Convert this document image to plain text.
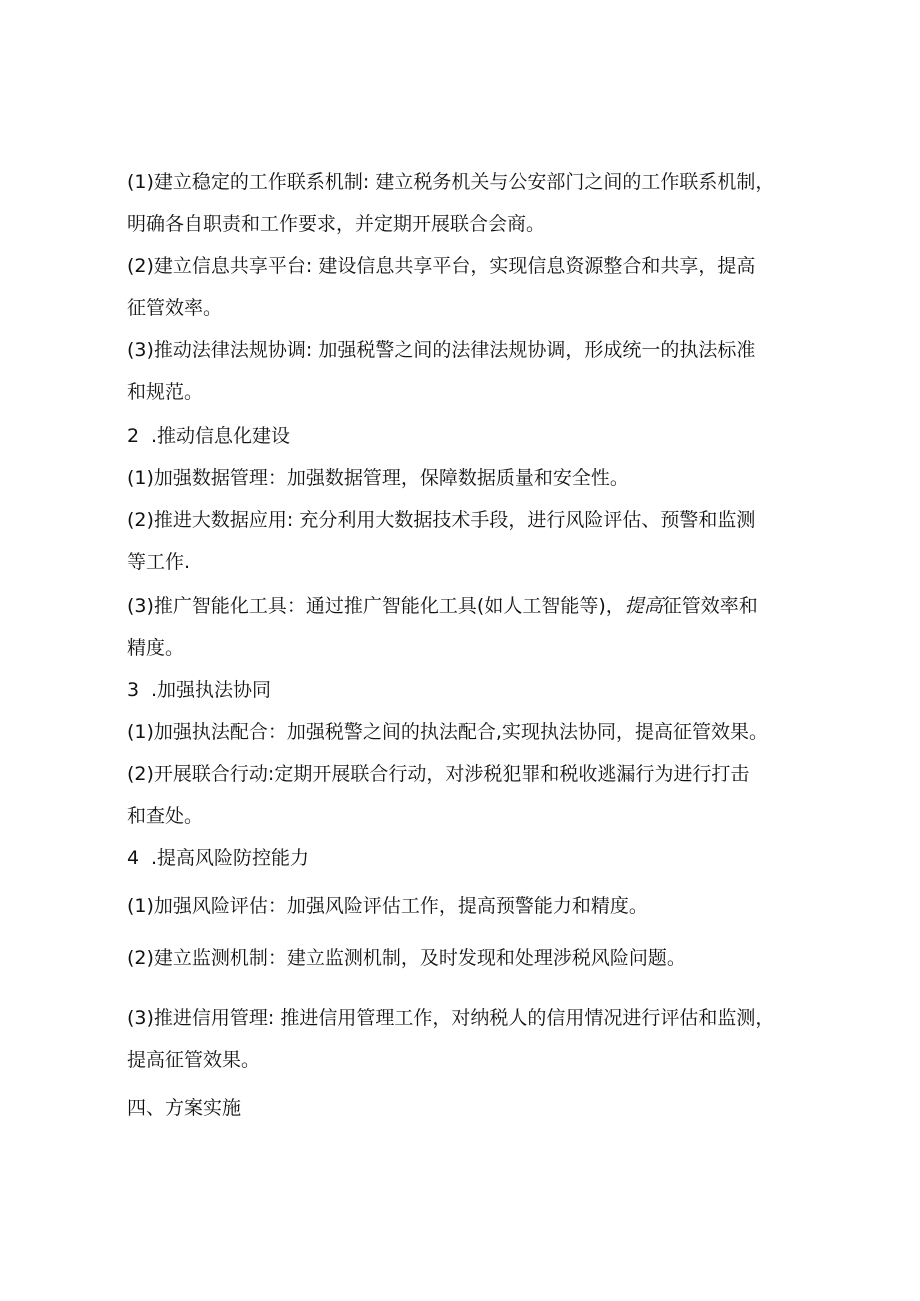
(1)建立稳定的工作联系机制: 建立税务机关与公安部门之间的工作联系机制，
明确各自职责和工作要求，并定期开展联合会商。
(2)建立信息共享平台: 建设信息共享平台，实现信息资源整合和共享，提高
征管效率。
(3)推动法律法规协调: 加强税警之间的法律法规协调，形成统一的执法标准
和规范。
2 .推动信息化建设
(1)加强数据管理：加强数据管理，保障数据质量和安全性。
(2)推进大数据应用: 充分利用大数据技术手段，进行风险评估、预警和监测
等工作.
(3)推广智能化工具：通过推广智能化工具(如人工智能等)，提高征管效率和
精度。
3 .加强执法协同
(1)加强执法配合：加强税警之间的执法配合,实现执法协同，提高征管效果。
(2)开展联合行动:定期开展联合行动，对涉税犯罪和税收逃漏行为进行打击
和查处。
4 .提高风险防控能力
(1)加强风险评估：加强风险评估工作，提高预警能力和精度。
(2)建立监测机制：建立监测机制，及时发现和处理涉税风险问题。
(3)推进信用管理: 推进信用管理工作，对纳税人的信用情况进行评估和监测，
提高征管效果。
四、方案实施
